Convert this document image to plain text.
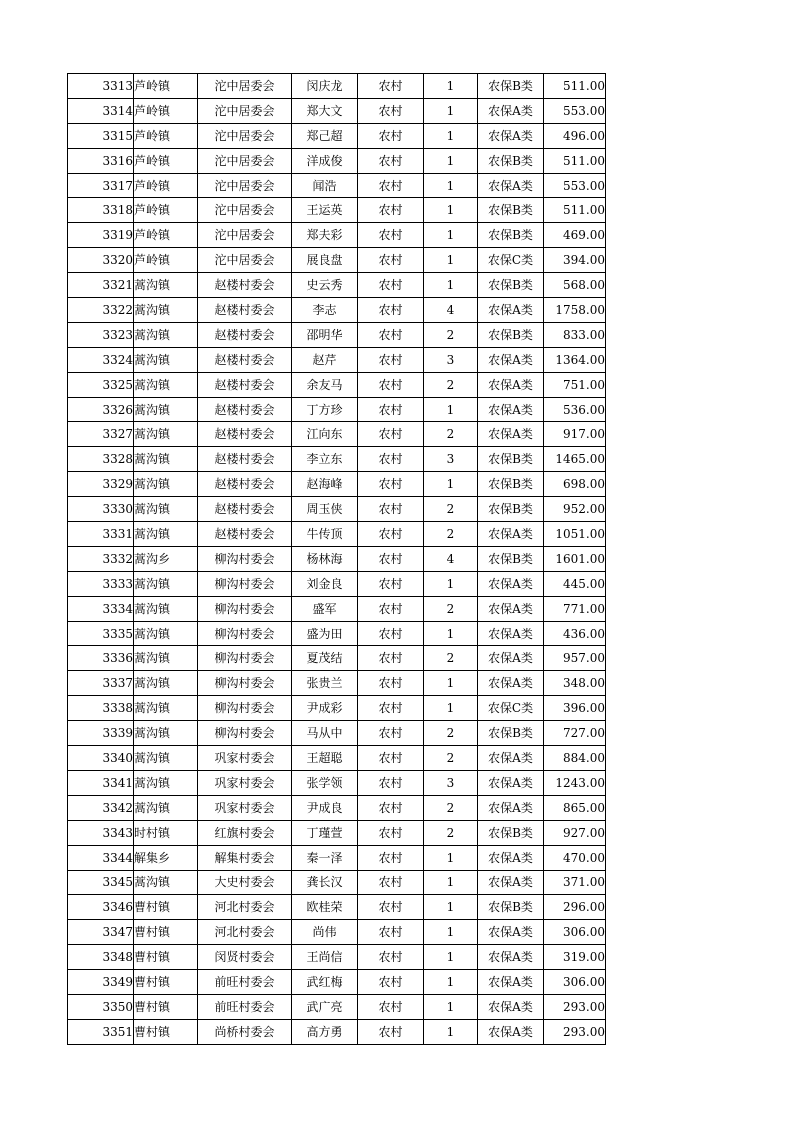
3313	芦岭镇	沱中居委会	闵庆龙	农村	1	农保B类	511.00
3314	芦岭镇	沱中居委会	郑大文	农村	1	农保A类	553.00
3315	芦岭镇	沱中居委会	郑己超	农村	1	农保A类	496.00
3316	芦岭镇	沱中居委会	洋成俊	农村	1	农保B类	511.00
3317	芦岭镇	沱中居委会	闻浩	农村	1	农保A类	553.00
3318	芦岭镇	沱中居委会	王运英	农村	1	农保B类	511.00
3319	芦岭镇	沱中居委会	郑夫彩	农村	1	农保B类	469.00
3320	芦岭镇	沱中居委会	展良盘	农村	1	农保C类	394.00
3321	蒿沟镇	赵楼村委会	史云秀	农村	1	农保B类	568.00
3322	蒿沟镇	赵楼村委会	李志	农村	4	农保A类	1758.00
3323	蒿沟镇	赵楼村委会	邵明华	农村	2	农保B类	833.00
3324	蒿沟镇	赵楼村委会	赵芹	农村	3	农保A类	1364.00
3325	蒿沟镇	赵楼村委会	余友马	农村	2	农保A类	751.00
3326	蒿沟镇	赵楼村委会	丁方珍	农村	1	农保A类	536.00
3327	蒿沟镇	赵楼村委会	江向东	农村	2	农保A类	917.00
3328	蒿沟镇	赵楼村委会	李立东	农村	3	农保B类	1465.00
3329	蒿沟镇	赵楼村委会	赵海峰	农村	1	农保B类	698.00
3330	蒿沟镇	赵楼村委会	周玉侠	农村	2	农保B类	952.00
3331	蒿沟镇	赵楼村委会	牛传顶	农村	2	农保A类	1051.00
3332	蒿沟乡	柳沟村委会	杨林海	农村	4	农保B类	1601.00
3333	蒿沟镇	柳沟村委会	刘金良	农村	1	农保A类	445.00
3334	蒿沟镇	柳沟村委会	盛军	农村	2	农保A类	771.00
3335	蒿沟镇	柳沟村委会	盛为田	农村	1	农保A类	436.00
3336	蒿沟镇	柳沟村委会	夏茂结	农村	2	农保A类	957.00
3337	蒿沟镇	柳沟村委会	张贵兰	农村	1	农保A类	348.00
3338	蒿沟镇	柳沟村委会	尹成彩	农村	1	农保C类	396.00
3339	蒿沟镇	柳沟村委会	马从中	农村	2	农保B类	727.00
3340	蒿沟镇	巩家村委会	王超聪	农村	2	农保A类	884.00
3341	蒿沟镇	巩家村委会	张学领	农村	3	农保A类	1243.00
3342	蒿沟镇	巩家村委会	尹成良	农村	2	农保A类	865.00
3343	时村镇	红旗村委会	丁瑾萱	农村	2	农保B类	927.00
3344	解集乡	解集村委会	秦一泽	农村	1	农保A类	470.00
3345	蒿沟镇	大史村委会	龚长汉	农村	1	农保A类	371.00
3346	曹村镇	河北村委会	欧桂荣	农村	1	农保B类	296.00
3347	曹村镇	河北村委会	尚伟	农村	1	农保A类	306.00
3348	曹村镇	闵贤村委会	王尚信	农村	1	农保A类	319.00
3349	曹村镇	前旺村委会	武红梅	农村	1	农保A类	306.00
3350	曹村镇	前旺村委会	武广亮	农村	1	农保A类	293.00
3351	曹村镇	尚桥村委会	高方勇	农村	1	农保A类	293.00
